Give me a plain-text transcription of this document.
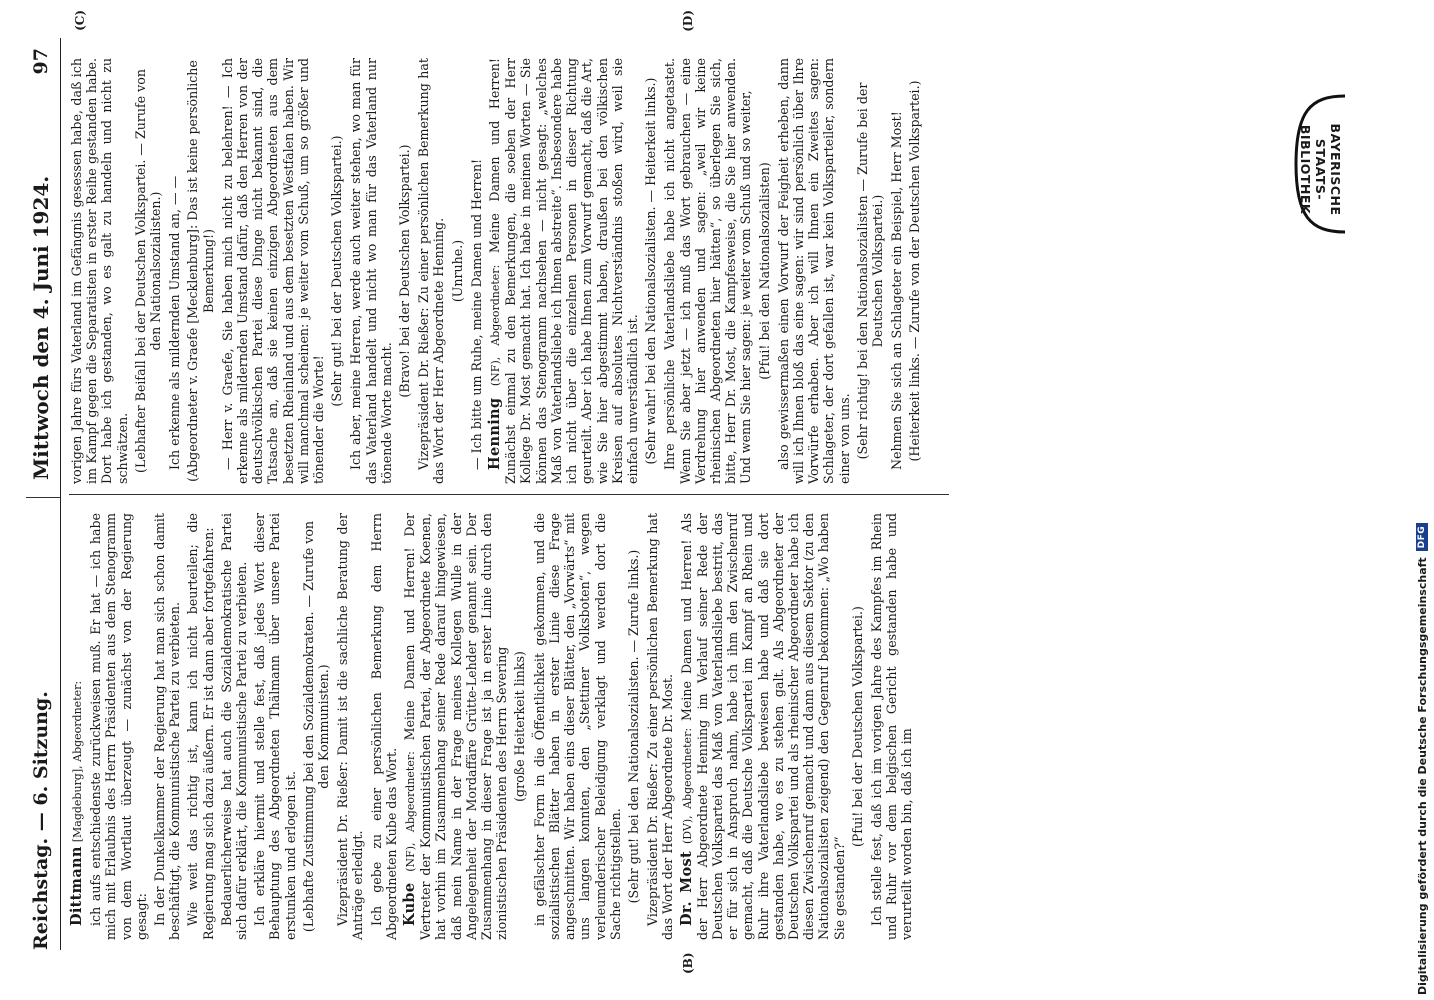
Reichstag. — 6. Sitzung.
Mittwoch den 4. Juni 1924.
97
(B)

Dittmann [Magdeburg], Abgeordneter: ich aufs entschiedenste zurückweisen muß. Er hat — ich habe mich mit Erlaubnis des Herrn Präsidenten aus dem Stenogramm von dem Wortlaut überzeugt — zunächst von der Regierung gesagt: In der Dunkelkammer der Regierung hat man sich schon damit beschäftigt, die Kommunistische Partei zu verbieten. Wie weit das richtig ist, kann ich nicht beurteilen; die Regierung mag sich dazu äußern. Er ist dann aber fortgefahren: Bedauerlicherweise hat auch die Sozialdemokratische Partei sich dafür erklärt, die Kommunistische Partei zu verbieten. Ich erkläre hiermit und stelle fest, daß jedes Wort dieser Behauptung des Abgeordneten Thälmann über unsere Partei erstunken und erlogen ist. (Lebhafte Zustimmung bei den Sozialdemokraten. — Zurufe von den Kommunisten.) Vizepräsident Dr. Rießer: Damit ist die sachliche Beratung der Anträge erledigt. Ich gebe zu einer persönlichen Bemerkung dem Herrn Abgeordneten Kube das Wort. Kube (NF), Abgeordneter: Meine Damen und Herren! Der Vertreter der Kommunistischen Partei, der Abgeordnete Koenen, hat vorhin im Zusammenhang seiner Rede darauf hingewiesen, daß mein Name in der Frage meines Kollegen Wulle in der Angelegenheit der Mordaffäre Grütte-Lehder genannt sein. Der Zusammenhang in dieser Frage ist ja in erster Linie durch den zionistischen Präsidenten des Herrn Severing (große Heiterkeit links) in gefälschter Form in die Öffentlichkeit gekommen, und die sozialistischen Blätter haben in erster Linie diese Frage angeschnitten. Wir haben eins dieser Blätter, den „Vorwärts“ mit uns langen konnten, den „Stettiner Volksboten“, wegen verleumderischer Beleidigung verklagt und werden dort die Sache richtigstellen. (Sehr gut! bei den Nationalsozialisten. — Zurufe links.) Vizepräsident Dr. Rießer: Zu einer persönlichen Bemerkung hat das Wort der Herr Abgeordnete Dr. Most. Dr. Most (DV), Abgeordneter: Meine Damen und Herren! Als der Herr Abgeordnete Henning im Verlauf seiner Rede der Deutschen Volkspartei das Maß von Vaterlandsliebe bestritt, das er für sich in Anspruch nahm, habe ich ihm den Zwischenruf gemacht, daß die Deutsche Volkspartei im Kampf an Rhein und Ruhr ihre Vaterlandsliebe bewiesen habe und daß sie dort gestanden habe, wo es zu stehen galt. Als Abgeordneter der Deutschen Volkspartei und als rheinischer Abgeordneter habe ich diesen Zwischenruf gemacht und dann aus diesem Sektor (zu den Nationalsozialisten zeigend) den Gegenruf bekommen: „Wo haben Sie gestanden?“

(Pfui! bei der Deutschen Volkspartei.) Ich stelle fest, daß ich im vorigen Jahre des Kampfes im Rhein und Ruhr vor dem belgischen Gericht gestanden habe und verurteilt worden bin, daß ich im

(C)	(D)

vorigen Jahre fürs Vaterland im Gefängnis gesessen habe, daß ich im Kampf gegen die Separatisten in erster Reihe gestanden habe. Dort habe ich gestanden, wo es galt zu handeln und nicht zu schwätzen. (Lebhafter Beifall bei der Deutschen Volkspartei. — Zurufe von den Nationalsozialisten.) Ich erkenne als mildernden Umstand an, — — (Abgeordneter v. Graefe [Mecklenburg]: Das ist keine persönliche Bemerkung!) — Herr v. Graefe, Sie haben mich nicht zu belehren! — Ich erkenne als mildernden Umstand dafür, daß den Herren von der deutschvölkischen Partei diese Dinge nicht bekannt sind, die Tatsache an, daß sie keinen einzigen Abgeordneten aus dem besetzten Rheinland und aus dem besetzten Westfalen haben. Wir will manchmal scheinen: je weiter vom Schuß, um so größer und tönender die Worte!

(Sehr gut! bei der Deutschen Volkspartei.) Ich aber, meine Herren, werde auch weiter stehen, wo man für das Vaterland handelt und nicht wo man für das Vaterland nur tönende Worte macht.

(Bravo! bei der Deutschen Volkspartei.) Vizepräsident Dr. Rießer: Zu einer persönlichen Bemerkung hat das Wort der Herr Abgeordnete Henning. (Unruhe.) — Ich bitte um Ruhe, meine Damen und Herren! Henning (NF), Abgeordneter: Meine Damen und Herren! Zunächst einmal zu den Bemerkungen, die soeben der Herr Kollege Dr. Most gemacht hat. Ich habe in meinen Worten — Sie können das Stenogramm nachsehen — nicht gesagt: „welches Maß von Vaterlandsliebe ich Ihnen abstreite“. Insbesondere habe ich nicht über die einzelnen Personen in dieser Richtung geurteilt. Aber ich habe Ihnen zum Vorwurf gemacht, daß die Art, wie Sie hier abgestimmt haben, draußen bei den völkischen Kreisen auf absolutes Nichtverständnis stoßen wird, weil sie einfach unverständlich ist. (Sehr wahr! bei den Nationalsozialisten. — Heiterkeit links.) Ihre persönliche Vaterlandsliebe habe ich nicht angetastet. Wenn Sie aber jetzt — ich muß das Wort gebrauchen — eine Verdrehung hier anwenden und sagen: „weil wir keine rheinischen Abgeordneten hier hätten“, so überlegen Sie sich, bitte, Herr Dr. Most, die Kampfesweise, die Sie hier anwenden. Und wenn Sie hier sagen: je weiter vom Schuß und so weiter, (Pfui! bei den Nationalsozialisten) also gewissermaßen einen Vorwurf der Feigheit erheben, dann will ich Ihnen bloß das eine sagen: wir sind persönlich über Ihre Vorwürfe erhaben. Aber ich will Ihnen ein Zweites sagen: Schlageter, der dort gefallen ist, war kein Volksparteiler, sondern einer von uns. (Sehr richtig! bei den Nationalsozialisten — Zurufe bei der Deutschen Volkspartei.) Nehmen Sie sich an Schlageter ein Beispiel, Herr Most! (Heiterkeit links. — Zurufe von der Deutschen Volkspartei.)	BAYERISCHE
STAATS-
BIBLIOTHEK
Digitalisierung gefördert durch die Deutsche Forschungsgemeinschaft
DFG
